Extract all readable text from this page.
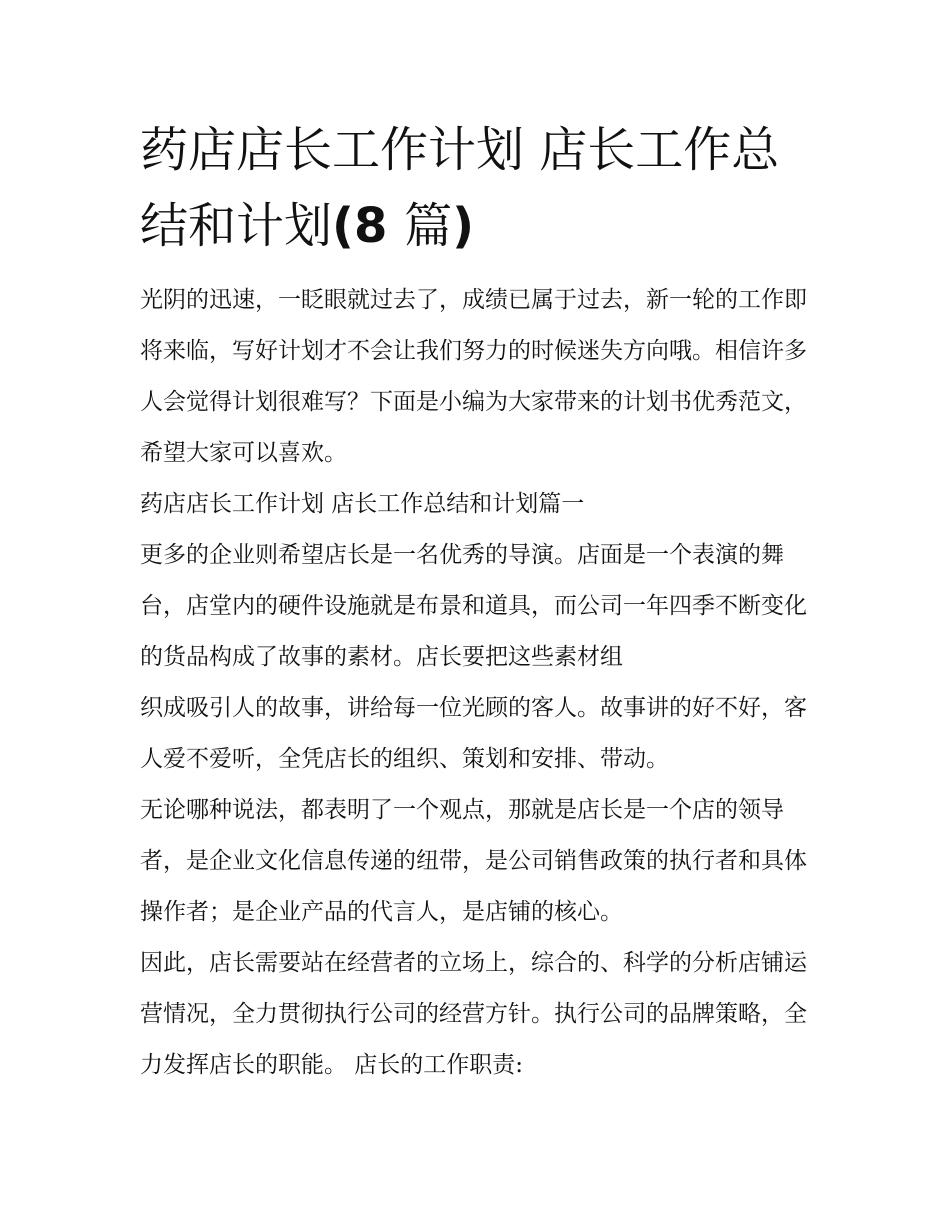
药店店长工作计划 店长工作总
结和计划(8 篇)

光阴的迅速，一眨眼就过去了，成绩已属于过去，新一轮的工作即将来临，写好计划才不会让我们努力的时候迷失方向哦。相信许多人会觉得计划很难写？下面是小编为大家带来的计划书优秀范文，希望大家可以喜欢。

药店店长工作计划 店长工作总结和计划篇一

更多的企业则希望店长是一名优秀的导演。店面是一个表演的舞台，店堂内的硬件设施就是布景和道具，而公司一年四季不断变化的货品构成了故事的素材。店长要把这些素材组

织成吸引人的故事，讲给每一位光顾的客人。故事讲的好不好，客人爱不爱听，全凭店长的组织、策划和安排、带动。

无论哪种说法，都表明了一个观点，那就是店长是一个店的领导者，是企业文化信息传递的纽带，是公司销售政策的执行者和具体操作者；是企业产品的代言人，是店铺的核心。

因此，店长需要站在经营者的立场上，综合的、科学的分析店铺运营情况，全力贯彻执行公司的经营方针。执行公司的品牌策略，全力发挥店长的职能。 店长的工作职责:
